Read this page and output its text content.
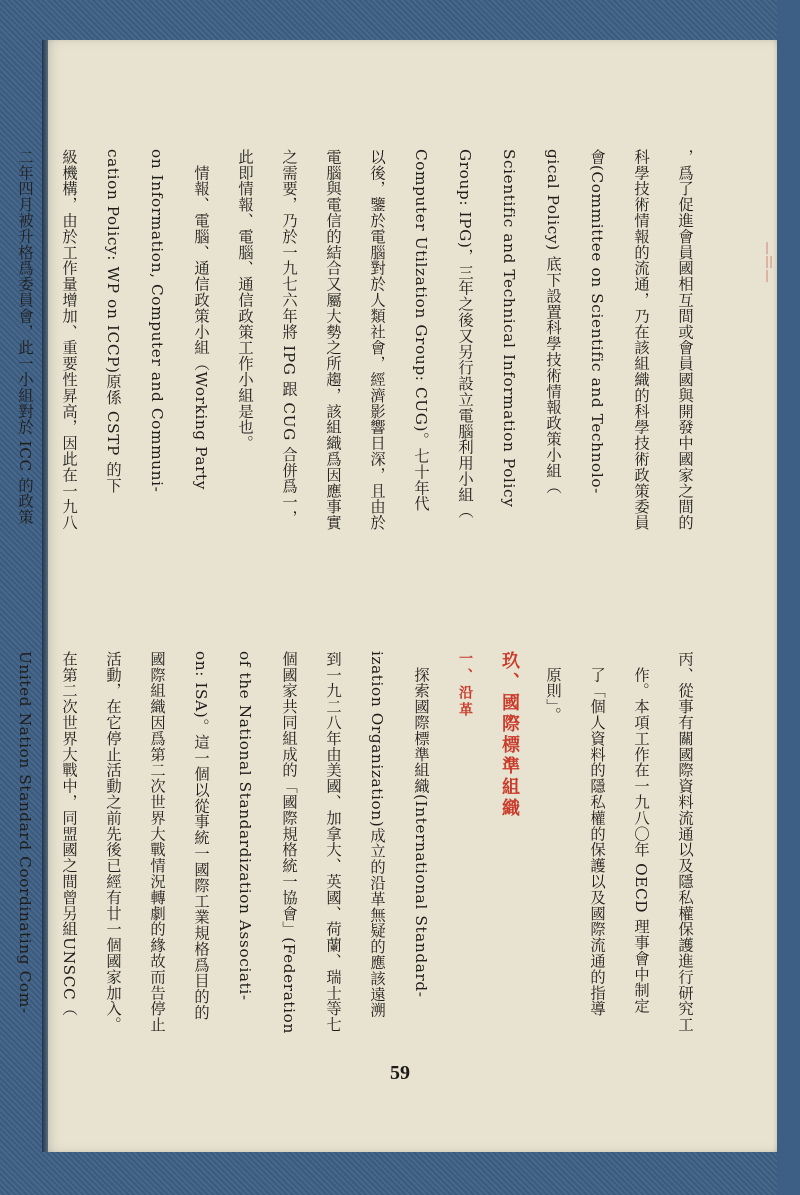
|
||
|

，爲了促進會員國相互間或會員國與開發中國家之間的

科學技術情報的流通，乃在該組織的科學技術政策委員

會(Committee on Scientific and Technolo-

gical Policy) 底下設置科學技術情報政策小組（

Scientific and Technical Information Policy

Group: IPG)，三年之後又另行設立電腦利用小組（

Computer Utilzation Group: CUG)。七十年代

以後，鑒於電腦對於人類社會，經濟影響日深，且由於

電腦與電信的結合又屬大勢之所趨，該組織爲因應事實

之需要，乃於一九七六年將 IPG 跟 CUG 合併爲一，

此即情報、電腦、通信政策工作小組是也。

　情報、電腦、通信政策小組（Working Party

on Information, Computer and Communi-

cation Policy: WP on ICCP)原係 CSTP 的下

級機構，由於工作量增加、重要性昇高，因此在一九八

二年四月被升格爲委員會，此一小組對於 ICC 的政策

丙、從事有關國際資料流通以及隱私權保護進行研究工

　作。本項工作在一九八〇年 OECD 理事會中制定

　了「個人資料的隱私權的保護以及國際流通的指導

　原則」。

玖、國際標準組織

一、沿革

　探索國際標準組織(International Standard-

ization Organization)成立的沿革無疑的應該遠溯

到一九二八年由美國、加拿大、英國、荷蘭、瑞士等七

個國家共同組成的「國際規格統一協會」(Federation

of the National Standardization Associati-

on: ISA)。這一個以從事統一國際工業規格爲目的的

國際組織因爲第二次世界大戰情況轉劇的緣故而告停止

活動，在它停止活動之前先後已經有廿一個國家加入。

在第二次世界大戰中，同盟國之間曾另組UNSCC（

United Nation Standard Coordinating Com-

59
